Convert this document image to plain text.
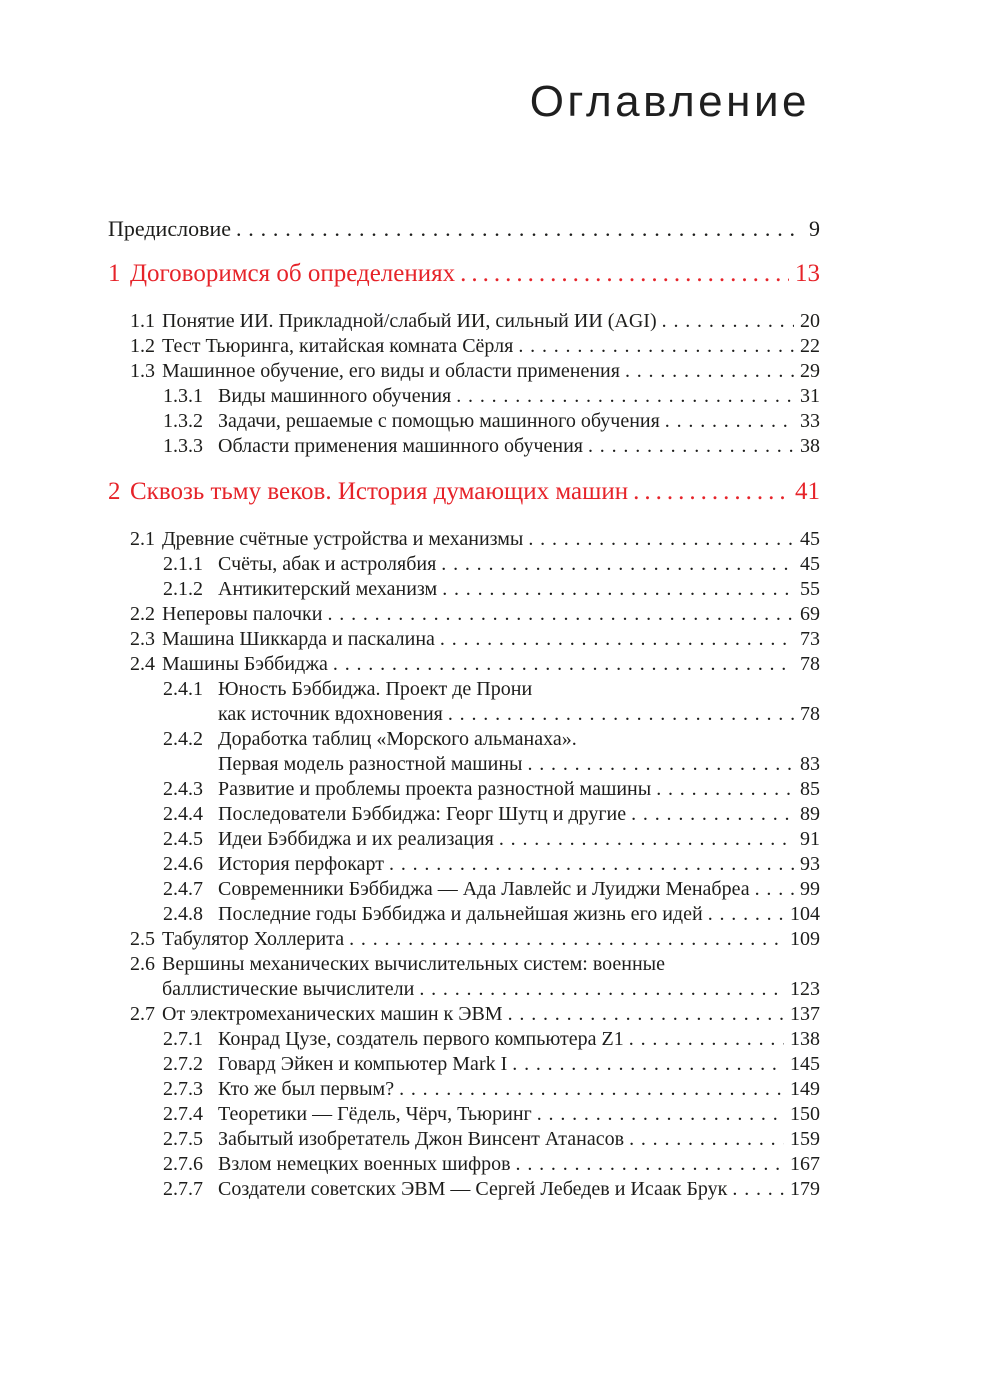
Оглавление
Предисловие .....	9
1 Договоримся об определениях .....	13
1.1 Понятие ИИ. Прикладной/слабый ИИ, сильный ИИ (AGI) .....	20
1.2 Тест Тьюринга, китайская комната Сёрля .....	22
1.3 Машинное обучение, его виды и области применения .....	29
1.3.1 Виды машинного обучения .....	31
1.3.2 Задачи, решаемые с помощью машинного обучения .....	33
1.3.3 Области применения машинного обучения .....	38
2 Сквозь тьму веков. История думающих машин .....	41
2.1 Древние счётные устройства и механизмы .....	45
2.1.1 Счёты, абак и астролябия .....	45
2.1.2 Антикитерский механизм .....	55
2.2 Неперовы палочки .....	69
2.3 Машина Шиккарда и паскалина .....	73
2.4 Машины Бэббиджа .....	78
2.4.1 Юность Бэббиджа. Проект де Прони
как источник вдохновения .....	78
2.4.2 Доработка таблиц «Морского альманаха».
Первая модель разностной машины .....	83
2.4.3 Развитие и проблемы проекта разностной машины .....	85
2.4.4 Последователи Бэббиджа: Георг Шутц и другие .....	89
2.4.5 Идеи Бэббиджа и их реализация .....	91
2.4.6 История перфокарт .....	93
2.4.7 Современники Бэббиджа — Ада Лавлейс и Луиджи Менабреа .....	99
2.4.8 Последние годы Бэббиджа и дальнейшая жизнь его идей .....	104
2.5 Табулятор Холлерита .....	109
2.6 Вершины механических вычислительных систем: военные
баллистические вычислители .....	123
2.7 От электромеханических машин к ЭВМ .....	137
2.7.1 Конрад Цузе, создатель первого компьютера Z1 .....	138
2.7.2 Говард Эйкен и компьютер Mark I .....	145
2.7.3 Кто же был первым? .....	149
2.7.4 Теоретики — Гёдель, Чёрч, Тьюринг .....	150
2.7.5 Забытый изобретатель Джон Винсент Атанасов .....	159
2.7.6 Взлом немецких военных шифров .....	167
2.7.7 Создатели советских ЭВМ — Сергей Лебедев и Исаак Брук .....	179
